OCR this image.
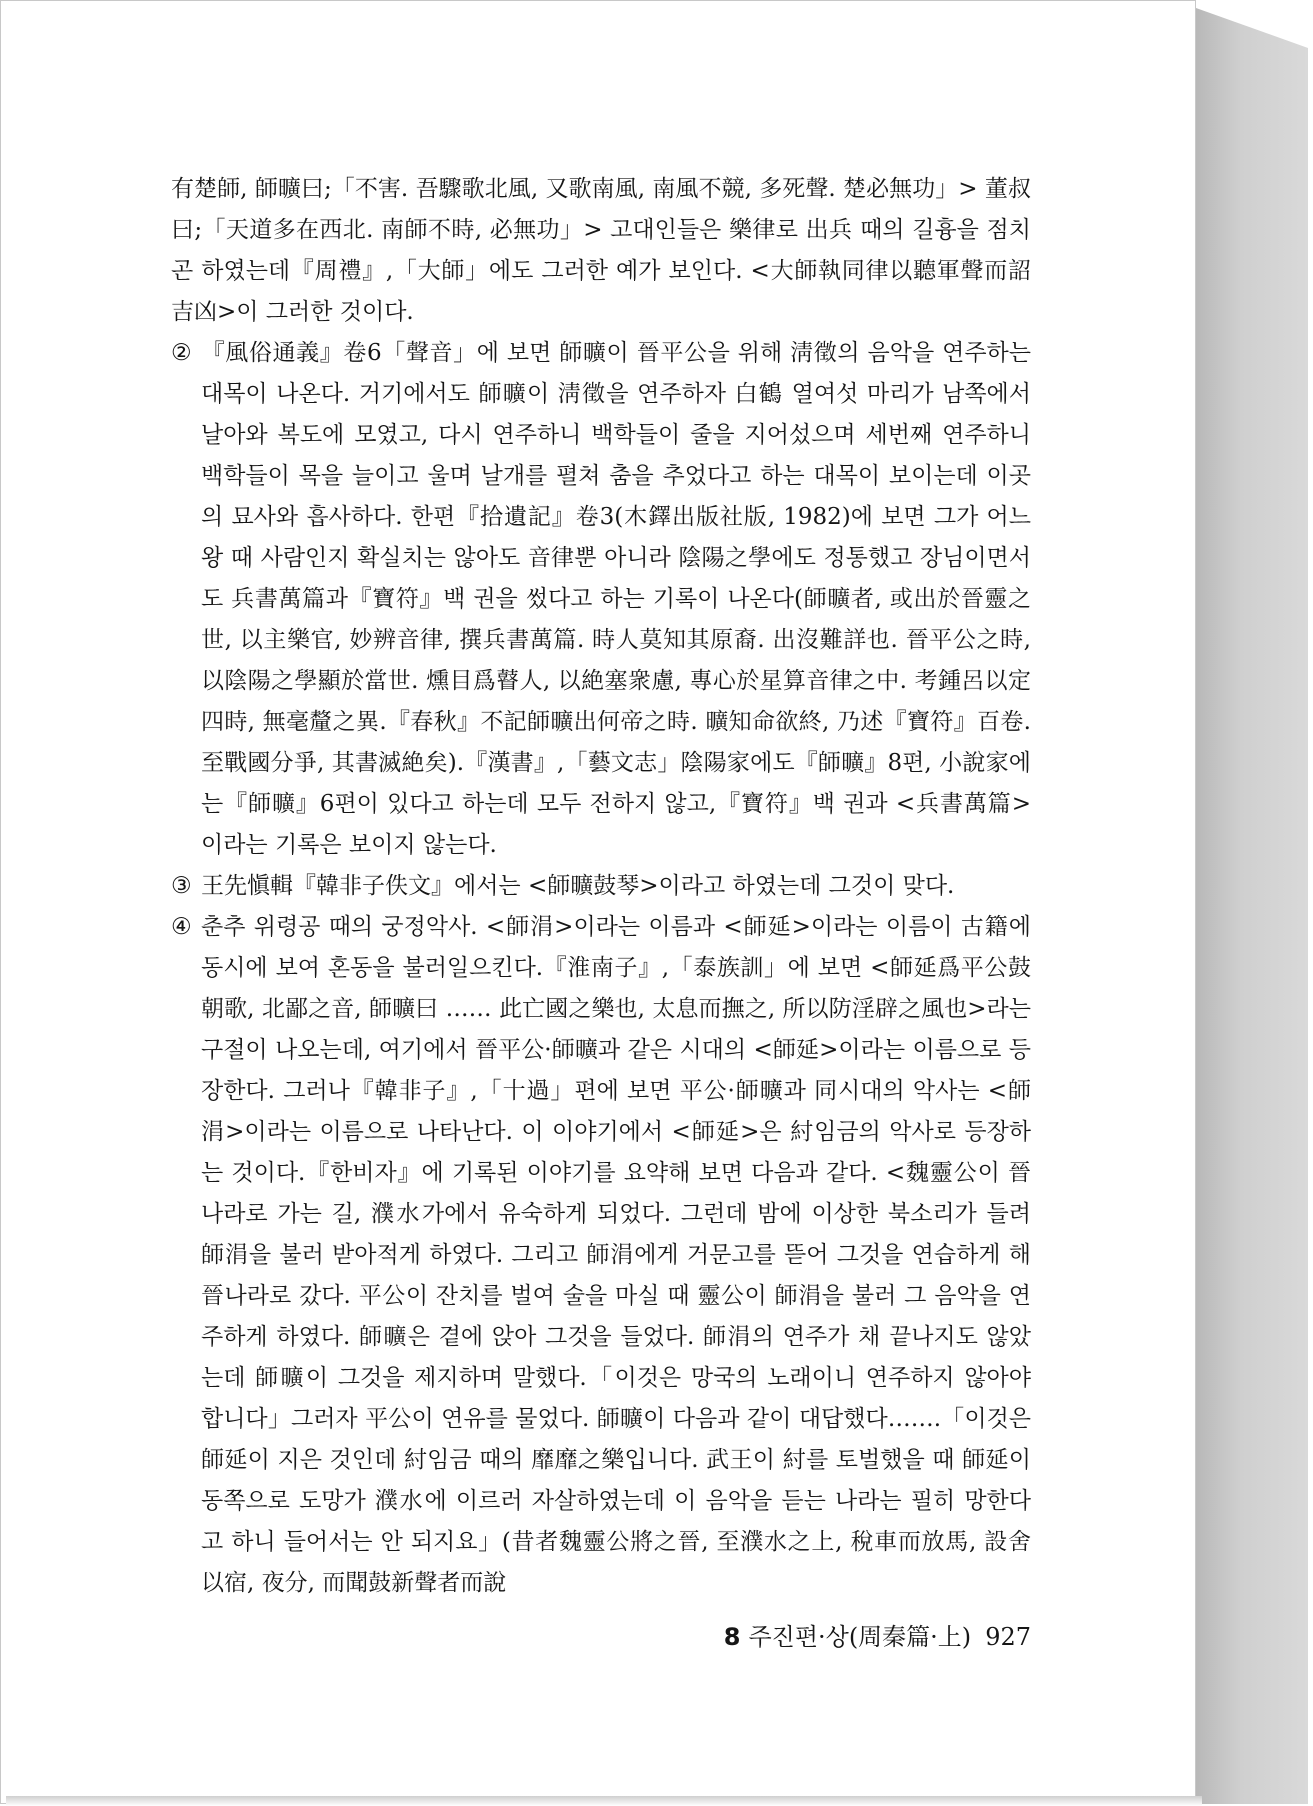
有楚師, 師曠曰;「不害. 吾驟歌北風, 又歌南風, 南風不競, 多死聲. 楚必無功」> 董叔曰;「天道多在西北. 南師不時, 必無功」> 고대인들은 樂律로 出兵 때의 길흉을 점치곤 하였는데『周禮』,「大師」에도 그러한 예가 보인다. <大師執同律以聽軍聲而詔吉凶>이 그러한 것이다.

② 『風俗通義』卷6「聲音」에 보면 師曠이 晉平公을 위해 淸徵의 음악을 연주하는 대목이 나온다. 거기에서도 師曠이 淸徵을 연주하자 白鶴 열여섯 마리가 남쪽에서 날아와 복도에 모였고, 다시 연주하니 백학들이 줄을 지어섰으며 세번째 연주하니 백학들이 목을 늘이고 울며 날개를 펼쳐 춤을 추었다고 하는 대목이 보이는데 이곳의 묘사와 흡사하다. 한편『拾遺記』卷3(木鐸出版社版, 1982)에 보면 그가 어느 왕 때 사람인지 확실치는 않아도 音律뿐 아니라 陰陽之學에도 정통했고 장님이면서도 兵書萬篇과『寶符』백 권을 썼다고 하는 기록이 나온다(師曠者, 或出於晉靈之世, 以主樂官, 妙辨音律, 撰兵書萬篇. 時人莫知其原裔. 出沒難詳也. 晉平公之時, 以陰陽之學顯於當世. 燻目爲瞽人, 以絶塞衆慮, 專心於星算音律之中. 考鍾呂以定四時, 無毫釐之異.『春秋』不記師曠出何帝之時. 曠知命欲終, 乃述『寶符』百卷. 至戰國分爭, 其書滅絶矣).『漢書』,「藝文志」陰陽家에도『師曠』8편, 小說家에는『師曠』6편이 있다고 하는데 모두 전하지 않고,『寶符』백 권과 <兵書萬篇>이라는 기록은 보이지 않는다.

③ 王先愼輯『韓非子佚文』에서는 <師曠鼓琴>이라고 하였는데 그것이 맞다.

④ 춘추 위령공 때의 궁정악사. <師涓>이라는 이름과 <師延>이라는 이름이 古籍에 동시에 보여 혼동을 불러일으킨다.『淮南子』,「泰族訓」에 보면 <師延爲平公鼓朝歌, 北鄙之音, 師曠曰 …… 此亡國之樂也, 太息而撫之, 所以防淫辟之風也>라는 구절이 나오는데, 여기에서 晉平公·師曠과 같은 시대의 <師延>이라는 이름으로 등장한다. 그러나『韓非子』,「十過」편에 보면 平公·師曠과 同시대의 악사는 <師涓>이라는 이름으로 나타난다. 이 이야기에서 <師延>은 紂임금의 악사로 등장하는 것이다.『한비자』에 기록된 이야기를 요약해 보면 다음과 같다. <魏靈公이 晉나라로 가는 길, 濮水가에서 유숙하게 되었다. 그런데 밤에 이상한 북소리가 들려 師涓을 불러 받아적게 하였다. 그리고 師涓에게 거문고를 뜯어 그것을 연습하게 해 晉나라로 갔다. 平公이 잔치를 벌여 술을 마실 때 靈公이 師涓을 불러 그 음악을 연주하게 하였다. 師曠은 곁에 앉아 그것을 들었다. 師涓의 연주가 채 끝나지도 않았는데 師曠이 그것을 제지하며 말했다.「이것은 망국의 노래이니 연주하지 않아야 합니다」그러자 平公이 연유를 물었다. 師曠이 다음과 같이 대답했다…….「이것은 師延이 지은 것인데 紂임금 때의 靡靡之樂입니다. 武王이 紂를 토벌했을 때 師延이 동쪽으로 도망가 濮水에 이르러 자살하였는데 이 음악을 듣는 나라는 필히 망한다고 하니 들어서는 안 되지요」(昔者魏靈公將之晉, 至濮水之上, 稅車而放馬, 設舍以宿, 夜分, 而聞鼓新聲者而說

8 주진편·상(周秦篇·上) 927
